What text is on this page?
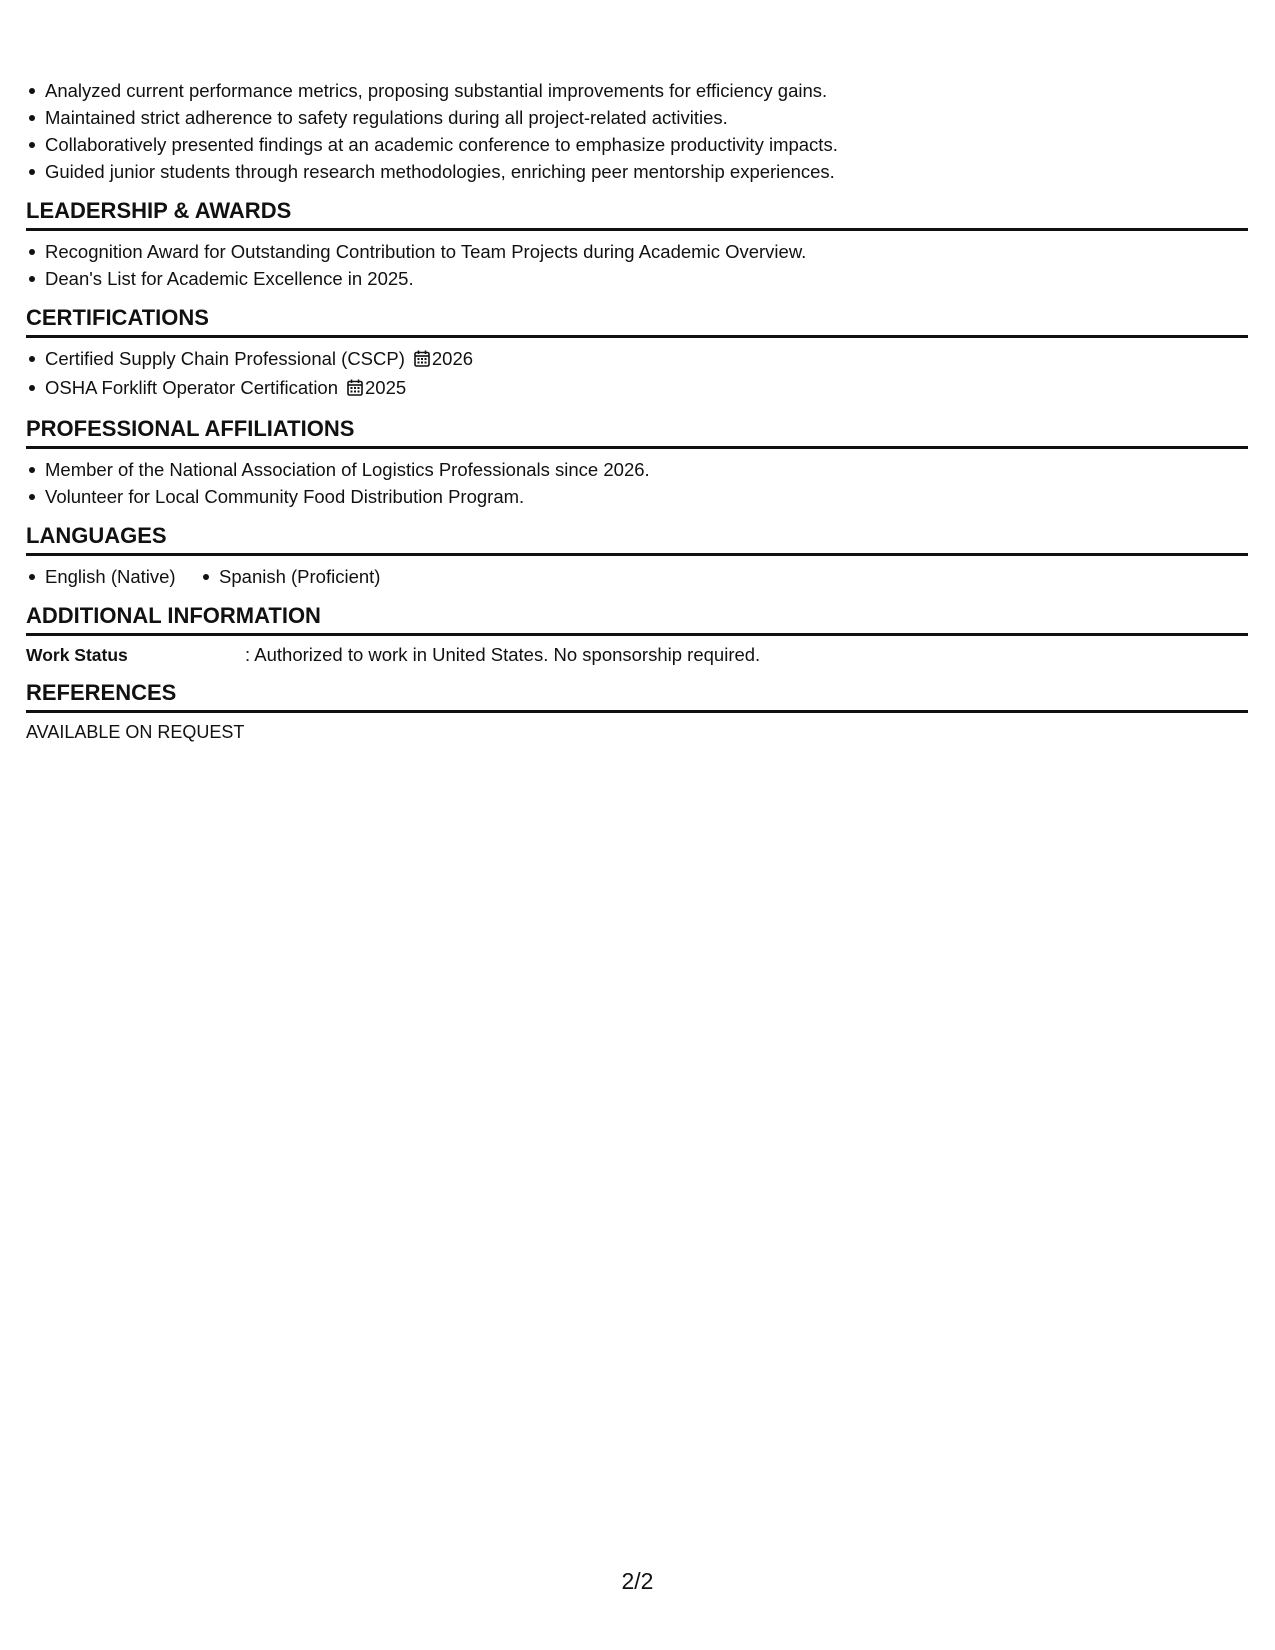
Analyzed current performance metrics, proposing substantial improvements for efficiency gains.
Maintained strict adherence to safety regulations during all project-related activities.
Collaboratively presented findings at an academic conference to emphasize productivity impacts.
Guided junior students through research methodologies, enriching peer mentorship experiences.
LEADERSHIP & AWARDS
Recognition Award for Outstanding Contribution to Team Projects during Academic Overview.
Dean's List for Academic Excellence in 2025.
CERTIFICATIONS
Certified Supply Chain Professional (CSCP) 2026
OSHA Forklift Operator Certification 2025
PROFESSIONAL AFFILIATIONS
Member of the National Association of Logistics Professionals since 2026.
Volunteer for Local Community Food Distribution Program.
LANGUAGES
English (Native) Spanish (Proficient)
ADDITIONAL INFORMATION
Work Status	: Authorized to work in United States. No sponsorship required.
REFERENCES
AVAILABLE ON REQUEST
2/2
